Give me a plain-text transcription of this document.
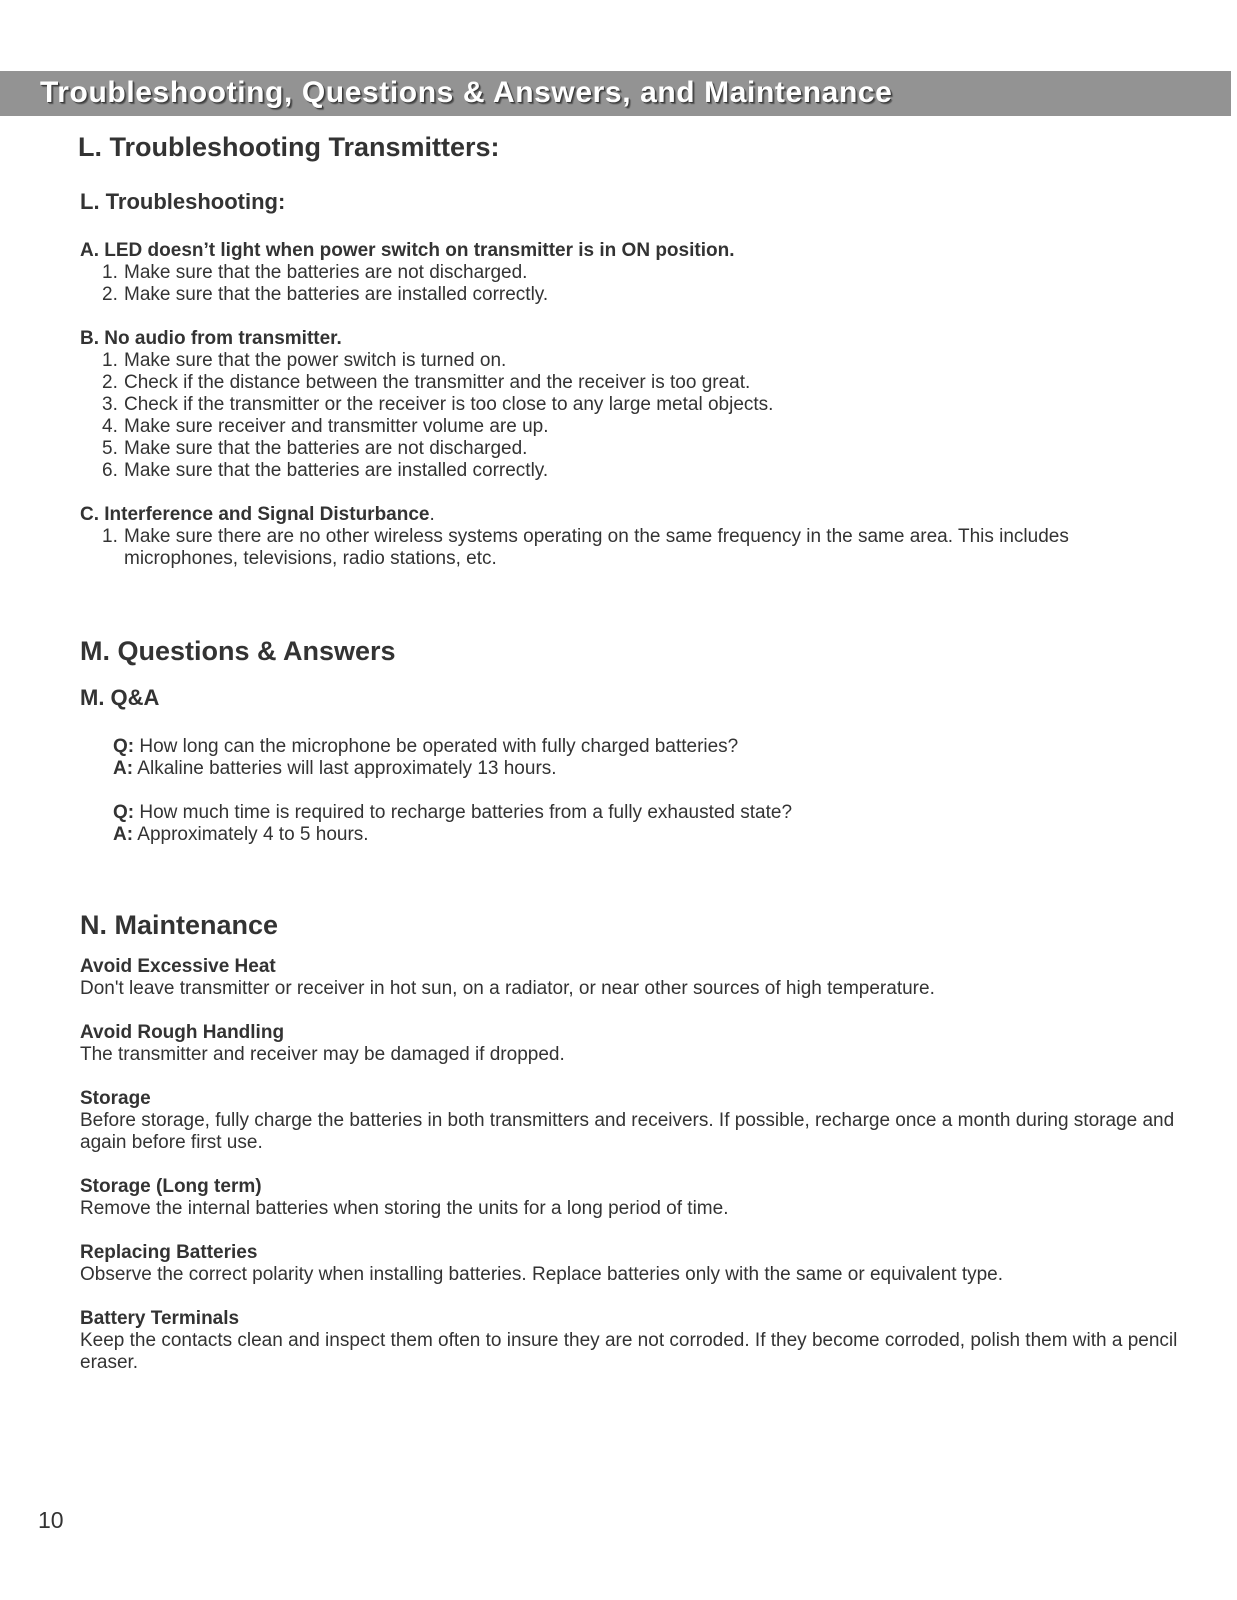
Troubleshooting, Questions & Answers, and Maintenance
L. Troubleshooting Transmitters:
L. Troubleshooting:
A. LED doesn’t light when power switch on transmitter is in ON position.
1. Make sure that the batteries are not discharged.
2. Make sure that the batteries are installed correctly.
B. No audio from transmitter.
1. Make sure that the power switch is turned on.
2. Check if the distance between the transmitter and the receiver is too great.
3. Check if the transmitter or the receiver is too close to any large metal objects.
4. Make sure receiver and transmitter volume are up.
5. Make sure that the batteries are not discharged.
6. Make sure that the batteries are installed correctly.
C. Interference and Signal Disturbance.
1. Make sure there are no other wireless systems operating on the same frequency in the same area. This includes microphones, televisions, radio stations, etc.
M. Questions & Answers
M. Q&A
Q: How long can the microphone be operated with fully charged batteries?
A: Alkaline batteries will last approximately 13 hours.
Q: How much time is required to recharge batteries from a fully exhausted state?
A: Approximately 4 to 5 hours.
N. Maintenance
Avoid Excessive Heat
Don't leave transmitter or receiver in hot sun, on a radiator, or near other sources of high temperature.
Avoid Rough Handling
The transmitter and receiver may be damaged if dropped.
Storage
Before storage, fully charge the batteries in both transmitters and receivers. If possible, recharge once a month during storage and again before first use.
Storage (Long term)
Remove the internal batteries when storing the units for a long period of time.
Replacing Batteries
Observe the correct polarity when installing batteries. Replace batteries only with the same or equivalent type.
Battery Terminals
Keep the contacts clean and inspect them often to insure they are not corroded. If they become corroded, polish them with a pencil eraser.
10
